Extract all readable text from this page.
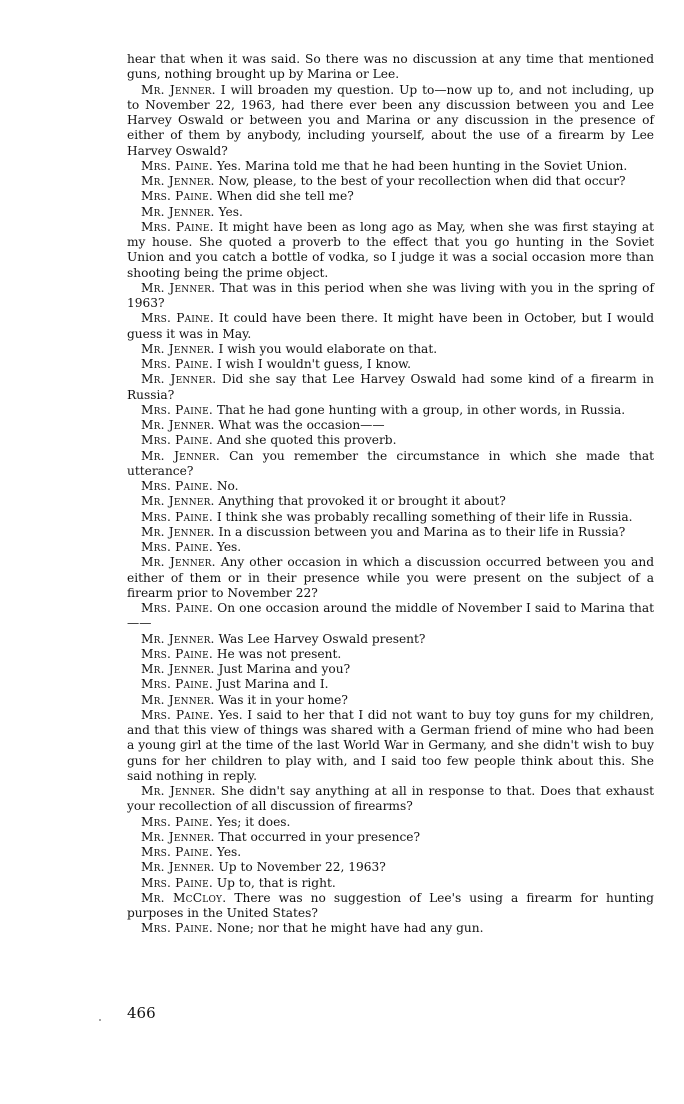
hear that when it was said. So there was no discussion at any time that mentioned guns, nothing brought up by Marina or Lee.

Mr. Jenner. I will broaden my question. Up to—now up to, and not including, up to November 22, 1963, had there ever been any discussion between you and Lee Harvey Oswald or between you and Marina or any discussion in the presence of either of them by anybody, including yourself, about the use of a firearm by Lee Harvey Oswald?

Mrs. Paine. Yes. Marina told me that he had been hunting in the Soviet Union.

Mr. Jenner. Now, please, to the best of your recollection when did that occur?

Mrs. Paine. When did she tell me?

Mr. Jenner. Yes.

Mrs. Paine. It might have been as long ago as May, when she was first staying at my house. She quoted a proverb to the effect that you go hunting in the Soviet Union and you catch a bottle of vodka, so I judge it was a social occasion more than shooting being the prime object.

Mr. Jenner. That was in this period when she was living with you in the spring of 1963?

Mrs. Paine. It could have been there. It might have been in October, but I would guess it was in May.

Mr. Jenner. I wish you would elaborate on that.

Mrs. Paine. I wish I wouldn't guess, I know.

Mr. Jenner. Did she say that Lee Harvey Oswald had some kind of a firearm in Russia?

Mrs. Paine. That he had gone hunting with a group, in other words, in Russia.

Mr. Jenner. What was the occasion——

Mrs. Paine. And she quoted this proverb.

Mr. Jenner. Can you remember the circumstance in which she made that utterance?

Mrs. Paine. No.

Mr. Jenner. Anything that provoked it or brought it about?

Mrs. Paine. I think she was probably recalling something of their life in Russia.

Mr. Jenner. In a discussion between you and Marina as to their life in Russia?

Mrs. Paine. Yes.

Mr. Jenner. Any other occasion in which a discussion occurred between you and either of them or in their presence while you were present on the subject of a firearm prior to November 22?

Mrs. Paine. On one occasion around the middle of November I said to Marina that——

Mr. Jenner. Was Lee Harvey Oswald present?

Mrs. Paine. He was not present.

Mr. Jenner. Just Marina and you?

Mrs. Paine. Just Marina and I.

Mr. Jenner. Was it in your home?

Mrs. Paine. Yes. I said to her that I did not want to buy toy guns for my children, and that this view of things was shared with a German friend of mine who had been a young girl at the time of the last World War in Germany, and she didn't wish to buy guns for her children to play with, and I said too few people think about this. She said nothing in reply.

Mr. Jenner. She didn't say anything at all in response to that. Does that exhaust your recollection of all discussion of firearms?

Mrs. Paine. Yes; it does.

Mr. Jenner. That occurred in your presence?

Mrs. Paine. Yes.

Mr. Jenner. Up to November 22, 1963?

Mrs. Paine. Up to, that is right.

Mr. McCloy. There was no suggestion of Lee's using a firearm for hunting purposes in the United States?

Mrs. Paine. None; nor that he might have had any gun.

466
